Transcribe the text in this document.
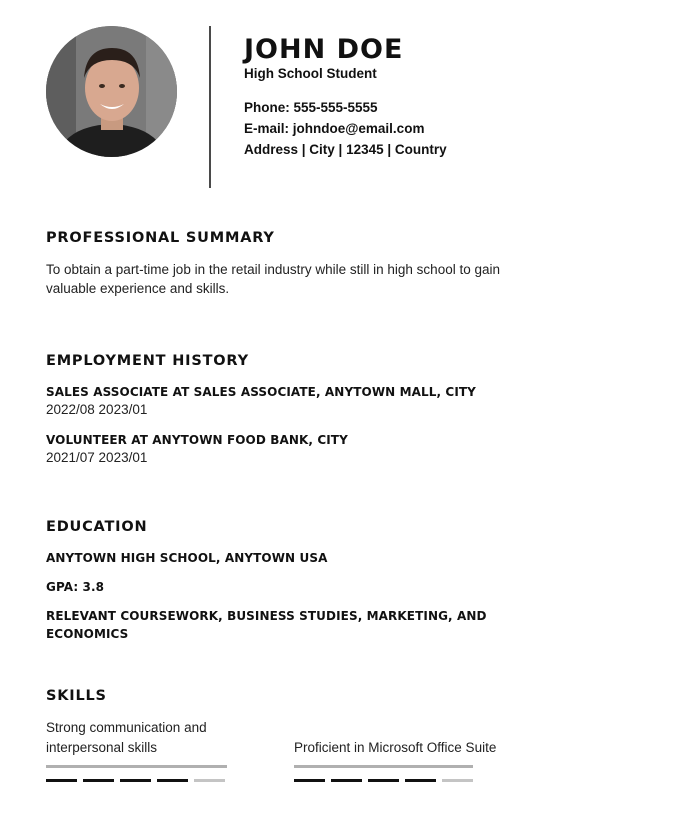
JOHN DOE
High School Student
Phone: 555-555-5555
E-mail: johndoe@email.com
Address | City | 12345 | Country
PROFESSIONAL SUMMARY
To obtain a part-time job in the retail industry while still in high school to gain
valuable experience and skills.
EMPLOYMENT HISTORY
SALES ASSOCIATE AT SALES ASSOCIATE, ANYTOWN MALL, CITY
2022/08 2023/01
VOLUNTEER AT ANYTOWN FOOD BANK, CITY
2021/07 2023/01
EDUCATION
ANYTOWN HIGH SCHOOL, ANYTOWN USA
GPA: 3.8
RELEVANT COURSEWORK, BUSINESS STUDIES, MARKETING, AND
ECONOMICS
SKILLS
Strong communication and
interpersonal skills	Proficient in Microsoft Office Suite
